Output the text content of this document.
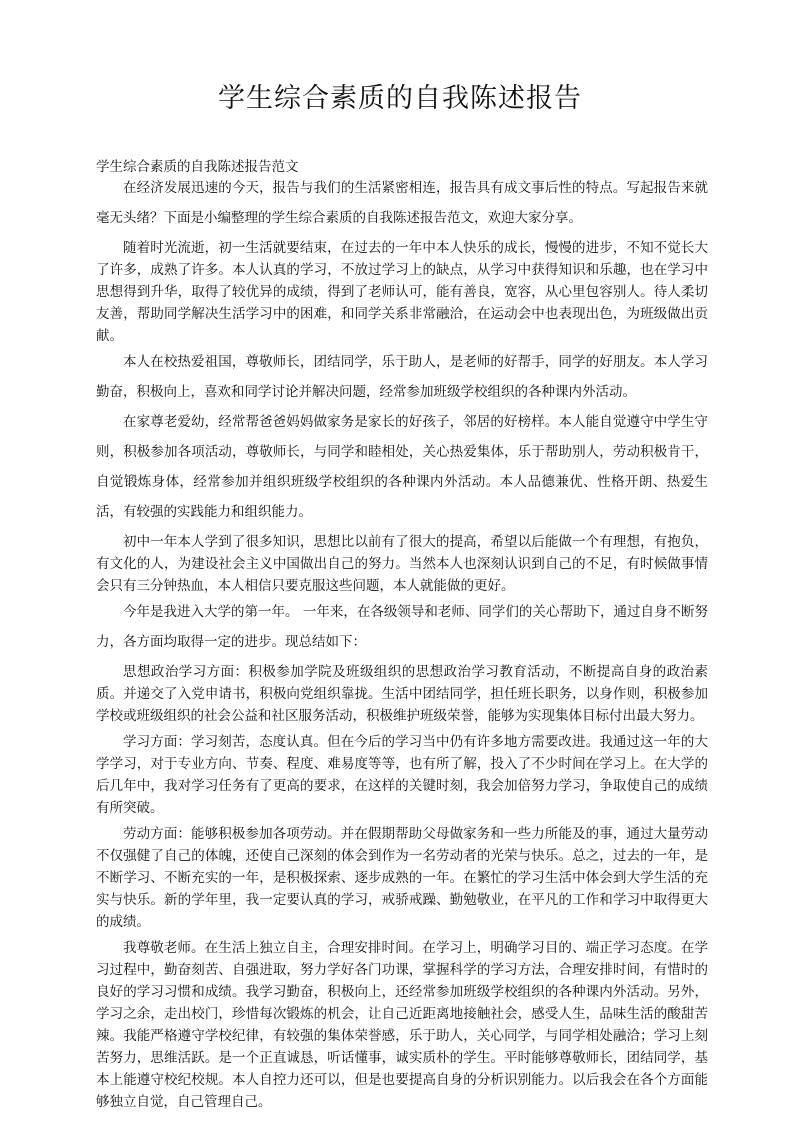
学生综合素质的自我陈述报告
学生综合素质的自我陈述报告范文

在经济发展迅速的今天，报告与我们的生活紧密相连，报告具有成文事后性的特点。写起报告来就毫无头绪？下面是小编整理的学生综合素质的自我陈述报告范文，欢迎大家分享。

随着时光流逝，初一生活就要结束，在过去的一年中本人快乐的成长，慢慢的进步，不知不觉长大了许多，成熟了许多。本人认真的学习，不放过学习上的缺点，从学习中获得知识和乐趣，也在学习中思想得到升华，取得了较优异的成绩，得到了老师认可，能有善良，宽容，从心里包容别人。待人柔切友善，帮助同学解决生活学习中的困难，和同学关系非常融洽，在运动会中也表现出色，为班级做出贡献。

本人在校热爱祖国，尊敬师长，团结同学，乐于助人，是老师的好帮手，同学的好朋友。本人学习勤奋，积极向上，喜欢和同学讨论并解决问题，经常参加班级学校组织的各种课内外活动。

在家尊老爱幼，经常帮爸爸妈妈做家务是家长的好孩子，邻居的好榜样。本人能自觉遵守中学生守则，积极参加各项活动，尊敬师长，与同学和睦相处，关心热爱集体，乐于帮助别人，劳动积极肯干，自觉锻炼身体，经常参加并组织班级学校组织的各种课内外活动。本人品德兼优、性格开朗、热爱生活，有较强的实践能力和组织能力。

初中一年本人学到了很多知识，思想比以前有了很大的提高，希望以后能做一个有理想，有抱负，有文化的人，为建设社会主义中国做出自己的努力。当然本人也深刻认识到自己的不足，有时候做事情会只有三分钟热血，本人相信只要克服这些问题，本人就能做的更好。

今年是我进入大学的第一年。 一年来，在各级领导和老师、同学们的关心帮助下，通过自身不断努力，各方面均取得一定的进步。现总结如下：

思想政治学习方面：积极参加学院及班级组织的思想政治学习教育活动，不断提高自身的政治素质。并递交了入党申请书，积极向党组织靠拢。生活中团结同学，担任班长职务，以身作则，积极参加学校或班级组织的社会公益和社区服务活动，积极维护班级荣誉，能够为实现集体目标付出最大努力。

学习方面：学习刻苦，态度认真。但在今后的学习当中仍有许多地方需要改进。我通过这一年的大学学习，对于专业方向、节奏、程度、难易度等等，也有所了解，投入了不少时间在学习上。在大学的后几年中，我对学习任务有了更高的要求，在这样的关键时刻，我会加倍努力学习，争取使自己的成绩有所突破。

劳动方面：能够积极参加各项劳动。并在假期帮助父母做家务和一些力所能及的事，通过大量劳动不仅强健了自己的体魄，还使自己深刻的体会到作为一名劳动者的光荣与快乐。总之，过去的一年，是不断学习、不断充实的一年，是积极探索、逐步成熟的一年。在繁忙的学习生活中体会到大学生活的充实与快乐。新的学年里，我一定要认真的学习，戒骄戒躁、勤勉敬业，在平凡的工作和学习中取得更大的成绩。

我尊敬老师。在生活上独立自主，合理安排时间。在学习上，明确学习目的、端正学习态度。在学习过程中，勤奋刻苦、自强进取，努力学好各门功课，掌握科学的学习方法，合理安排时间，有惜时的良好的学习习惯和成绩。我学习勤奋，积极向上，还经常参加班级学校组织的各种课内外活动。另外，学习之余，走出校门，珍惜每次锻炼的机会，让自己近距离地接触社会，感受人生，品味生活的酸甜苦辣。我能严格遵守学校纪律，有较强的集体荣誉感，乐于助人，关心同学，与同学相处融洽；学习上刻苦努力，思维活跃。是一个正直诚恳，听话懂事，诚实质朴的学生。平时能够尊敬师长，团结同学，基本上能遵守校纪校规。本人自控力还可以，但是也要提高自身的分析识别能力。以后我会在各个方面能够独立自觉，自己管理自己。
